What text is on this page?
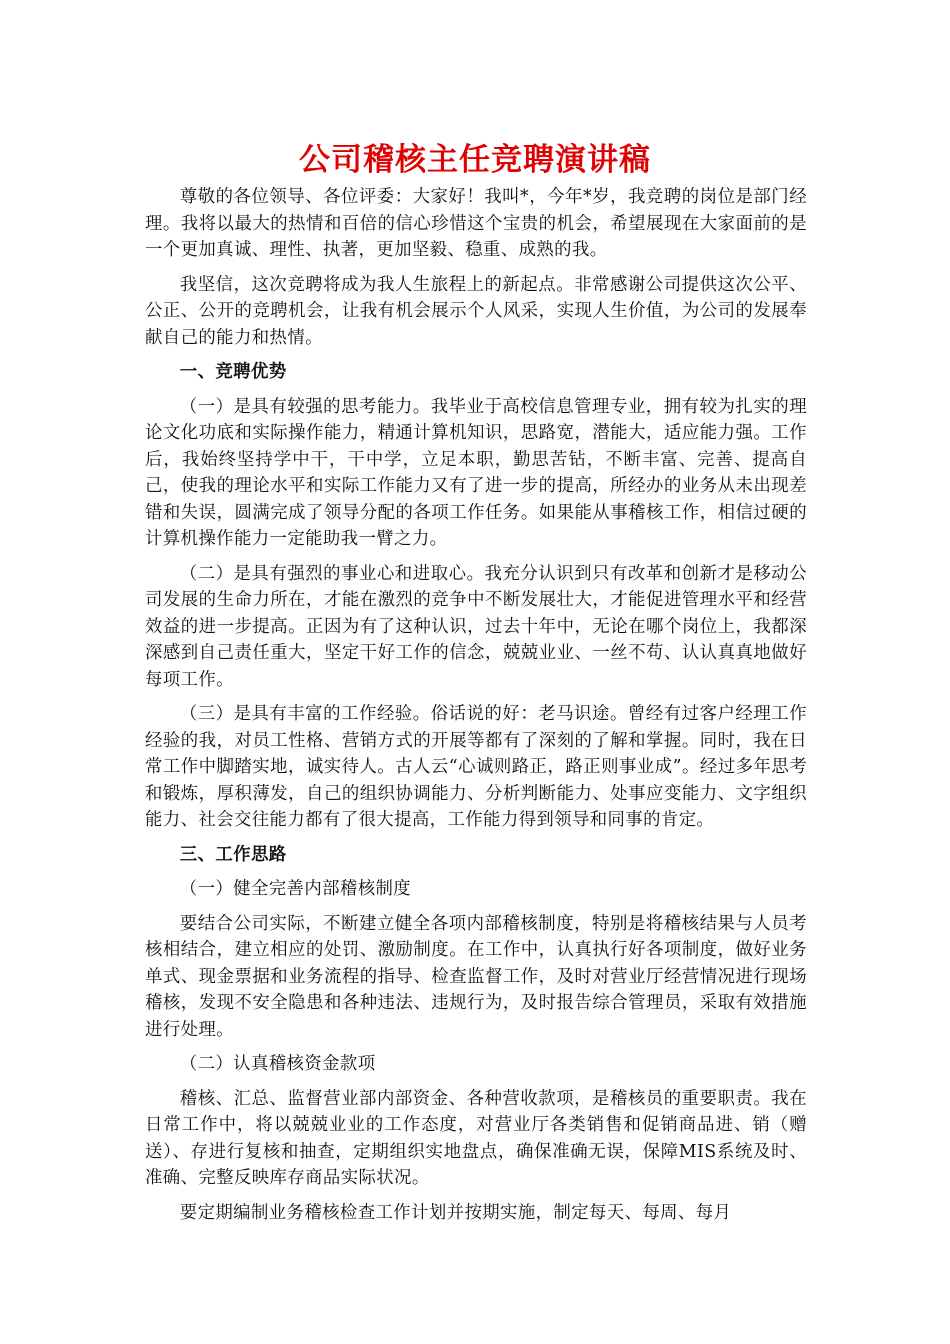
公司稽核主任竞聘演讲稿

尊敬的各位领导、各位评委：大家好！我叫*，今年*岁，我竞聘的岗位是部门经理。我将以最大的热情和百倍的信心珍惜这个宝贵的机会，希望展现在大家面前的是一个更加真诚、理性、执著，更加坚毅、稳重、成熟的我。

我坚信，这次竞聘将成为我人生旅程上的新起点。非常感谢公司提供这次公平、公正、公开的竞聘机会，让我有机会展示个人风采，实现人生价值，为公司的发展奉献自己的能力和热情。

一、竞聘优势

（一）是具有较强的思考能力。我毕业于高校信息管理专业，拥有较为扎实的理论文化功底和实际操作能力，精通计算机知识，思路宽，潜能大，适应能力强。工作后，我始终坚持学中干，干中学，立足本职，勤思苦钻，不断丰富、完善、提高自己，使我的理论水平和实际工作能力又有了进一步的提高，所经办的业务从未出现差错和失误，圆满完成了领导分配的各项工作任务。如果能从事稽核工作，相信过硬的计算机操作能力一定能助我一臂之力。

（二）是具有强烈的事业心和进取心。我充分认识到只有改革和创新才是移动公司发展的生命力所在，才能在激烈的竞争中不断发展壮大，才能促进管理水平和经营效益的进一步提高。正因为有了这种认识，过去十年中，无论在哪个岗位上，我都深深感到自己责任重大，坚定干好工作的信念，兢兢业业、一丝不苟、认认真真地做好每项工作。

（三）是具有丰富的工作经验。俗话说的好：老马识途。曾经有过客户经理工作经验的我，对员工性格、营销方式的开展等都有了深刻的了解和掌握。同时，我在日常工作中脚踏实地，诚实待人。古人云“心诚则路正，路正则事业成”。经过多年思考和锻炼，厚积薄发，自己的组织协调能力、分析判断能力、处事应变能力、文字组织能力、社会交往能力都有了很大提高，工作能力得到领导和同事的肯定。

三、工作思路

（一）健全完善内部稽核制度

要结合公司实际，不断建立健全各项内部稽核制度，特别是将稽核结果与人员考核相结合，建立相应的处罚、激励制度。在工作中，认真执行好各项制度，做好业务单式、现金票据和业务流程的指导、检查监督工作，及时对营业厅经营情况进行现场稽核，发现不安全隐患和各种违法、违规行为，及时报告综合管理员，采取有效措施进行处理。

（二）认真稽核资金款项

稽核、汇总、监督营业部内部资金、各种营收款项，是稽核员的重要职责。我在日常工作中，将以兢兢业业的工作态度，对营业厅各类销售和促销商品进、销（赠送）、存进行复核和抽查，定期组织实地盘点，确保准确无误，保障MIS系统及时、准确、完整反映库存商品实际状况。

要定期编制业务稽核检查工作计划并按期实施，制定每天、每周、每月
